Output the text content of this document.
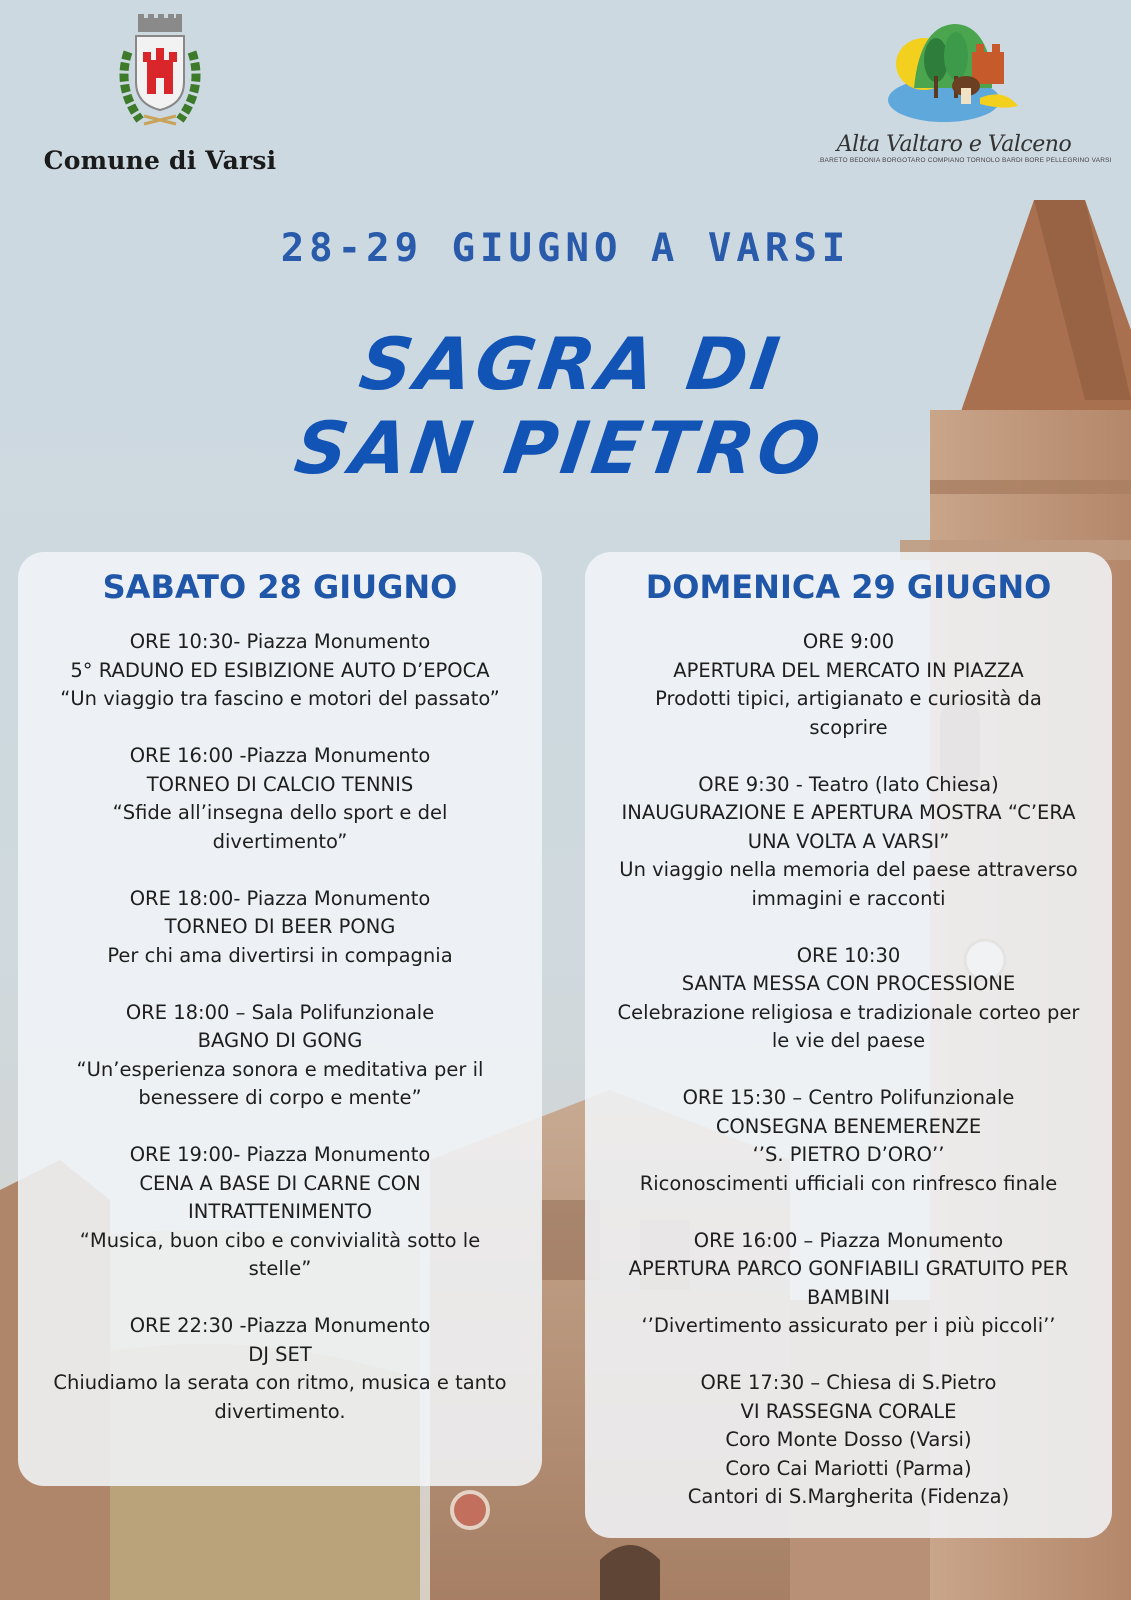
Comune di Varsi
Alta Valtaro e Valceno
.BARETO BEDONIA BORGOTARO COMPIANO TORNOLO BARDI BORE PELLEGRINO VARSI
28-29 GIUGNO A VARSI
SAGRA DI
SAN PIETRO
SABATO 28 GIUGNO
ORE 10:30- Piazza Monumento
5° RADUNO ED ESIBIZIONE AUTO D’EPOCA
“Un viaggio tra fascino e motori del passato”
ORE 16:00 -Piazza Monumento
TORNEO DI CALCIO TENNIS
“Sfide all’insegna dello sport e del
divertimento”
ORE 18:00- Piazza Monumento
TORNEO DI BEER PONG
Per chi ama divertirsi in compagnia
ORE 18:00 – Sala Polifunzionale
BAGNO DI GONG
“Un’esperienza sonora e meditativa per il
benessere di corpo e mente”
ORE 19:00- Piazza Monumento
CENA A BASE DI CARNE CON
INTRATTENIMENTO
“Musica, buon cibo e convivialità sotto le
stelle”
ORE 22:30 -Piazza Monumento
DJ SET
Chiudiamo la serata con ritmo, musica e tanto
divertimento.
DOMENICA 29 GIUGNO
ORE 9:00
APERTURA DEL MERCATO IN PIAZZA
Prodotti tipici, artigianato e curiosità da
scoprire
ORE 9:30 - Teatro (lato Chiesa)
INAUGURAZIONE E APERTURA MOSTRA “C’ERA
UNA VOLTA A VARSI”
Un viaggio nella memoria del paese attraverso
immagini e racconti
ORE 10:30
SANTA MESSA CON PROCESSIONE
Celebrazione religiosa e tradizionale corteo per
le vie del paese
ORE 15:30 – Centro Polifunzionale
CONSEGNA BENEMERENZE
‘’S. PIETRO D’ORO’’
Riconoscimenti ufficiali con rinfresco finale
ORE 16:00 – Piazza Monumento
APERTURA PARCO GONFIABILI GRATUITO PER
BAMBINI
‘’Divertimento assicurato per i più piccoli’’
ORE 17:30 – Chiesa di S.Pietro
VI RASSEGNA CORALE
Coro Monte Dosso (Varsi)
Coro Cai Mariotti (Parma)
Cantori di S.Margherita (Fidenza)
